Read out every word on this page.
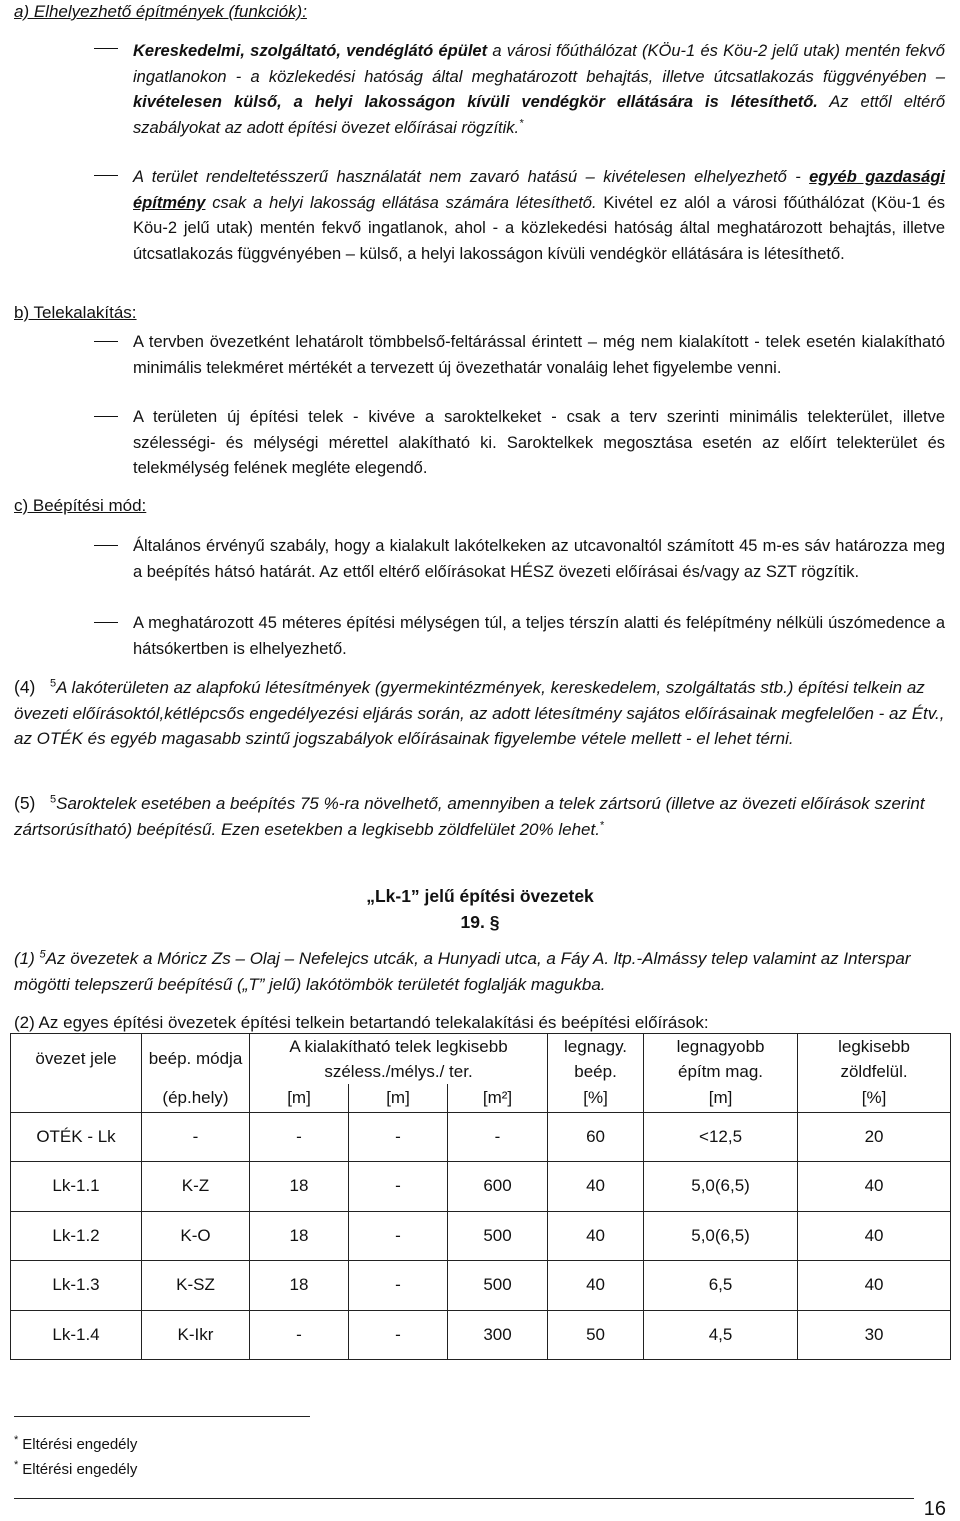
a) Elhelyezhető építmények (funkciók):
Kereskedelmi, szolgáltató, vendéglátó épület a városi főúthálózat (KÖu-1 és Köu-2 jelű utak) mentén fekvő ingatlanokon - a közlekedési hatóság által meghatározott behajtás, illetve útcsatlakozás függvényében – kivételesen külső, a helyi lakosságon kívüli vendégkör ellátására is létesíthető. Az ettől eltérő szabályokat az adott építési övezet előírásai rögzítik.*
A terület rendeltetésszerű használatát nem zavaró hatású – kivételesen elhelyezhető - egyéb gazdasági építmény csak a helyi lakosság ellátása számára létesíthető. Kivétel ez alól a városi főúthálózat (Köu-1 és Köu-2 jelű utak) mentén fekvő ingatlanok, ahol - a közlekedési hatóság által meghatározott behajtás, illetve útcsatlakozás függvényében – külső, a helyi lakosságon kívüli vendégkör ellátására is létesíthető.
b) Telekalakítás:
A tervben övezetként lehatárolt tömbbelső-feltárással érintett – még nem kialakított - telek esetén kialakítható minimális telekméret mértékét a tervezett új övezethatár vonaláig lehet figyelembe venni.
A területen új építési telek - kivéve a saroktelkeket - csak a terv szerinti minimális telekterület, illetve szélességi- és mélységi mérettel alakítható ki. Saroktelkek megosztása esetén az előírt telekterület és telekmélység felének megléte elegendő.
c) Beépítési mód:
Általános érvényű szabály, hogy a kialakult lakótelkeken az utcavonaltól számított 45 m-es sáv határozza meg a beépítés hátsó határát. Az ettől eltérő előírásokat HÉSZ övezeti előírásai és/vagy az SZT rögzítik.
A meghatározott 45 méteres építési mélységen túl, a teljes térszín alatti és felépítmény nélküli úszómedence a hátsókertben is elhelyezhető.
(4) $^5$A lakóterületen az alapfokú létesítmények (gyermekintézmények, kereskedelem, szolgáltatás stb.) építési telkein az övezeti előírásoktól,kétlépcsős engedélyezési eljárás során, az adott létesítmény sajátos előírásainak megfelelően - az Étv., az OTÉK és egyéb magasabb szintű jogszabályok előírásainak figyelembe vétele mellett - el lehet térni.
(5) $^5$Saroktelek esetében a beépítés 75 %-ra növelhető, amennyiben a telek zártsorú (illetve az övezeti előírások szerint zártsorúsítható) beépítésű. Ezen esetekben a legkisebb zöldfelület 20% lehet.*
„Lk-1” jelű építési övezetek
19. §
(1) $^5$Az övezetek a Móricz Zs – Olaj – Nefelejcs utcák, a Hunyadi utca, a Fáy A. ltp.-Almássy telep valamint az Interspar mögötti telepszerű beépítésű („T” jelű) lakótömbök területét foglalják magukba.
(2) Az egyes építési övezetek építési telkein betartandó telekalakítási és beépítési előírások:
övezet jele	beép. módja	A kialakítható telek legkisebb			legnagy.	legnagyobb	legkisebb
		széless./mélys./ ter.			beép.	építm mag.	zöldfelül.
	(ép.hely)	[m]	[m]	[m²]	[%]	[m]	[%]
OTÉK - Lk	-	-	-	-	60	<12,5	20
Lk-1.1	K-Z	18	-	600	40	5,0(6,5)	40
Lk-1.2	K-O	18	-	500	40	5,0(6,5)	40
Lk-1.3	K-SZ	18	-	500	40	6,5	40
Lk-1.4	K-Ikr	-	-	300	50	4,5	30
* Eltérési engedély
* Eltérési engedély
16
